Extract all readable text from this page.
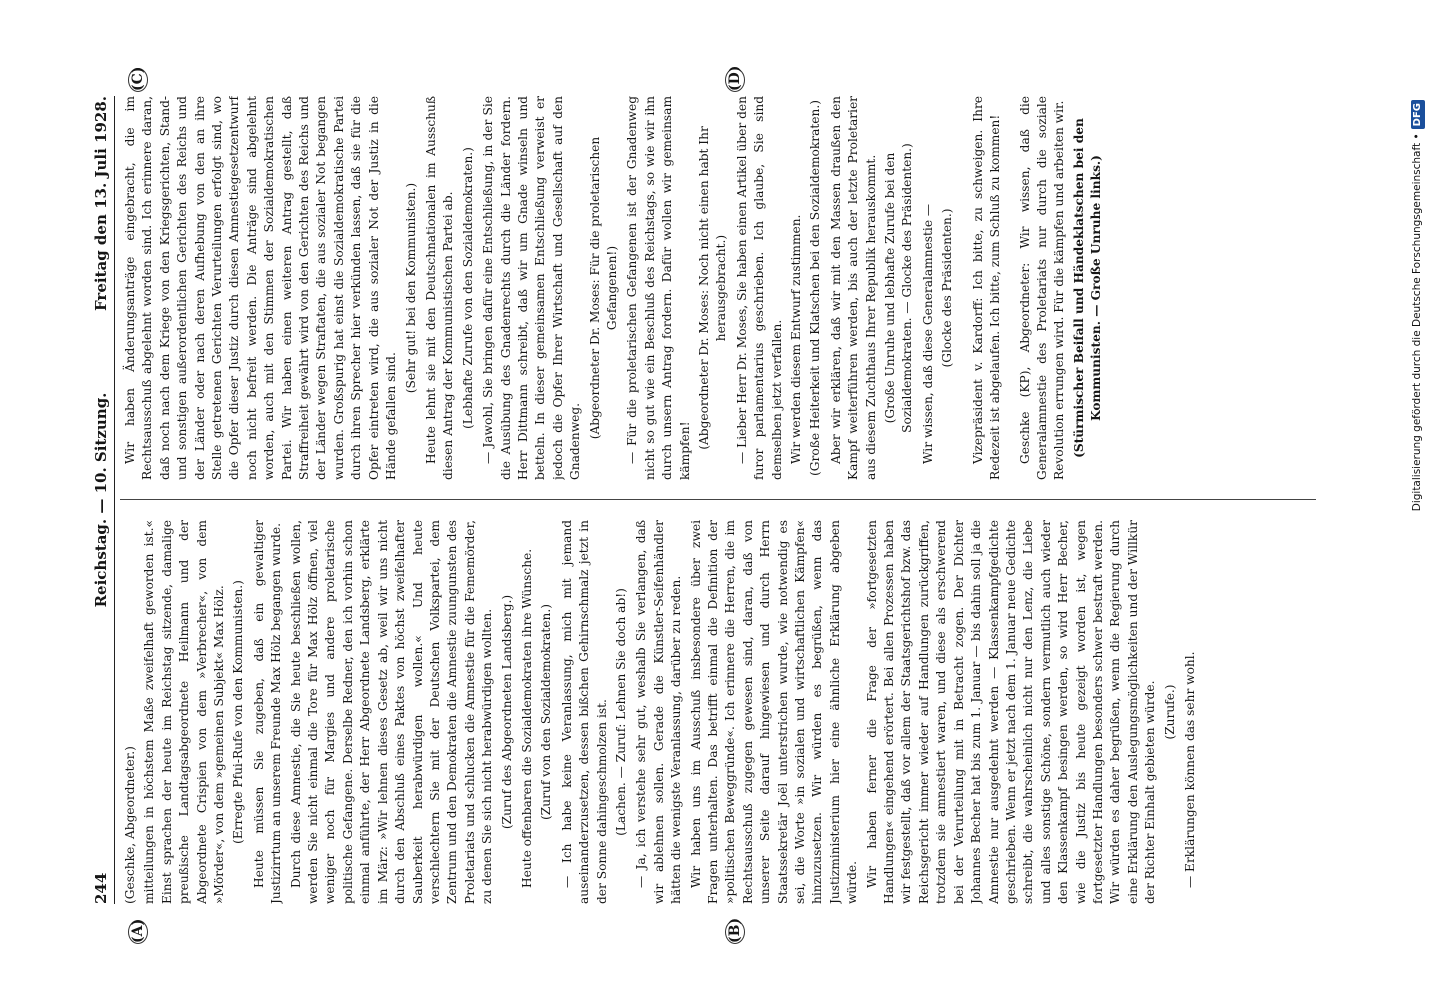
244
Reichstag. — 10. Sitzung.
Freitag den 13. Juli 1928.
(A)	(B)
(C)	(D)

(Geschke, Abgeordneter.) mitteilungen in höchstem Maße zweifelhaft geworden ist.« Einst sprachen der heute im Reichstag sitzende, damalige preußische Landtagsabgeordnete Heilmann und der Abgeordnete Crispien von dem »Verbrecher«, von dem »Mörder«, von dem »gemeinen Subjekt« Max Hölz. (Erregte Pfui-Rufe von den Kommunisten.) Heute müssen Sie zugeben, daß ein gewaltiger Justizirrtum an unserem Freunde Max Hölz begangen wurde. Durch diese Amnestie, die Sie heute beschließen wollen, werden Sie nicht einmal die Tore für Max Hölz öffnen, viel weniger noch für Margies und andere proletarische politische Gefangene. Derselbe Redner, den ich vorhin schon einmal anführte, der Herr Abgeordnete Landsberg, erklärte im März: »Wir lehnen dieses Gesetz ab, weil wir uns nicht durch den Abschluß eines Paktes von höchst zweifelhafter Sauberkeit herabwürdigen wollen.« Und heute verschlechtern Sie mit der Deutschen Volkspartei, dem Zentrum und den Demokraten die Amnestie zuungunsten des Proletariats und schlucken die Amnestie für die Fememörder, zu denen Sie sich nicht herabwürdigen wollten. (Zuruf des Abgeordneten Landsberg.) Heute offenbaren die Sozialdemokraten ihre Wünsche. (Zuruf von den Sozialdemokraten.) — Ich habe keine Veranlassung, mich mit jemand auseinanderzusetzen, dessen bißchen Gehirnschmalz jetzt in der Sonne dahingeschmolzen ist. (Lachen. — Zuruf: Lehnen Sie doch ab!) — Ja, ich verstehe sehr gut, weshalb Sie verlangen, daß wir ablehnen sollen. Gerade die Künstler-Seifenhändler hätten die wenigste Veranlassung, darüber zu reden. Wir haben uns im Ausschuß insbesondere über zwei Fragen unterhalten. Das betrifft einmal die Definition der »politischen Beweggründe«. Ich erinnere die Herren, die im Rechtsausschuß zugegen gewesen sind, daran, daß von unserer Seite darauf hingewiesen und durch Herrn Staatssekretär Joël unterstrichen wurde, wie notwendig es sei, die Worte »in sozialen und wirtschaftlichen Kämpfen« hinzuzusetzen. Wir würden es begrüßen, wenn das Justizministerium hier eine ähnliche Erklärung abgeben würde. Wir haben ferner die Frage der »fortgesetzten Handlungen« eingehend erörtert. Bei allen Prozessen haben wir festgestellt, daß vor allem der Staatsgerichtshof bzw. das Reichsgericht immer wieder auf Handlungen zurückgriffen, trotzdem sie amnestiert waren, und diese als erschwerend bei der Verurteilung mit in Betracht zogen. Der Dichter Johannes Becher hat bis zum 1. Januar — bis dahin soll ja die Amnestie nur ausgedehnt werden — Klassenkampfgedichte geschrieben. Wenn er jetzt nach dem 1. Januar neue Gedichte schreibt, die wahrscheinlich nicht nur den Lenz, die Liebe und alles sonstige Schöne, sondern vermutlich auch wieder den Klassenkampf besingen werden, so wird Herr Becher, wie die Justiz bis heute gezeigt worden ist, wegen fortgesetzter Handlungen besonders schwer bestraft werden. Wir würden es daher begrüßen, wenn die Regierung durch eine Erklärung den Auslegungsmöglichkeiten und der Willkür der Richter Einhalt gebieten würde. (Zurufe.) — Erklärungen können das sehr wohl.

Wir haben Änderungsanträge eingebracht, die im Rechtsausschuß abgelehnt worden sind. Ich erinnere daran, daß noch nach dem Kriege von den Kriegsgerichten, Stand- und sonstigen außerordentlichen Gerichten des Reichs und der Länder oder nach deren Aufhebung von den an ihre Stelle getretenen Gerichten Verurteilungen erfolgt sind, wo die Opfer dieser Justiz durch diesen Amnestiegesetzentwurf noch nicht befreit werden. Die Anträge sind abgelehnt worden, auch mit den Stimmen der Sozialdemokratischen Partei. Wir haben einen weiteren Antrag gestellt, daß Straffreiheit gewährt wird von den Gerichten des Reichs und der Länder wegen Straftaten, die aus sozialer Not begangen wurden. Großspurig hat einst die Sozialdemokratische Partei durch ihren Sprecher hier verkünden lassen, daß sie für die Opfer eintreten wird, die aus sozialer Not der Justiz in die Hände gefallen sind.

(Sehr gut! bei den Kommunisten.) Heute lehnt sie mit den Deutschnationalen im Ausschuß diesen Antrag der Kommunistischen Partei ab. (Lebhafte Zurufe von den Sozialdemokraten.) — Jawohl, Sie bringen dafür eine Entschließung, in der Sie die Ausübung des Gnadenrechts durch die Länder fordern. Herr Dittmann schreibt, daß wir um Gnade winseln und betteln. In dieser gemeinsamen Entschließung verweist er jedoch die Opfer Ihrer Wirtschaft und Gesellschaft auf den Gnadenweg.

(Abgeordneter Dr. Moses: Für die proletarischen Gefangenen!) — Für die proletarischen Gefangenen ist der Gnadenweg nicht so gut wie ein Beschluß des Reichstags, so wie wir ihn durch unsern Antrag fordern. Dafür wollen wir gemeinsam kämpfen!

(Abgeordneter Dr. Moses: Noch nicht einen habt Ihr herausgebracht.) — Lieber Herr Dr. Moses, Sie haben einen Artikel über den furor parlamentarius geschrieben. Ich glaube, Sie sind demselben jetzt verfallen. Wir werden diesem Entwurf zustimmen. (Große Heiterkeit und Klatschen bei den Sozialdemokraten.) Aber wir erklären, daß wir mit den Massen draußen den Kampf weiterführen werden, bis auch der letzte Proletarier aus diesem Zuchthaus Ihrer Republik herauskommt. (Große Unruhe und lebhafte Zurufe bei den Sozialdemokraten. — Glocke des Präsidenten.) Wir wissen, daß diese Generalamnestie — (Glocke des Präsidenten.) Vizepräsident v. Kardorff: Ich bitte, zu schweigen. Ihre Redezeit ist abgelaufen. Ich bitte, zum Schluß zu kommen! Geschke (KP), Abgeordneter: Wir wissen, daß die Generalamnestie des Proletariats nur durch die soziale Revolution errungen wird. Für die kämpfen und arbeiten wir. (Stürmischer Beifall und Händeklatschen bei den Kommunisten. — Große Unruhe links.)	Digitalisierung gefördert durch die Deutsche Forschungsgemeinschaft •DFG
